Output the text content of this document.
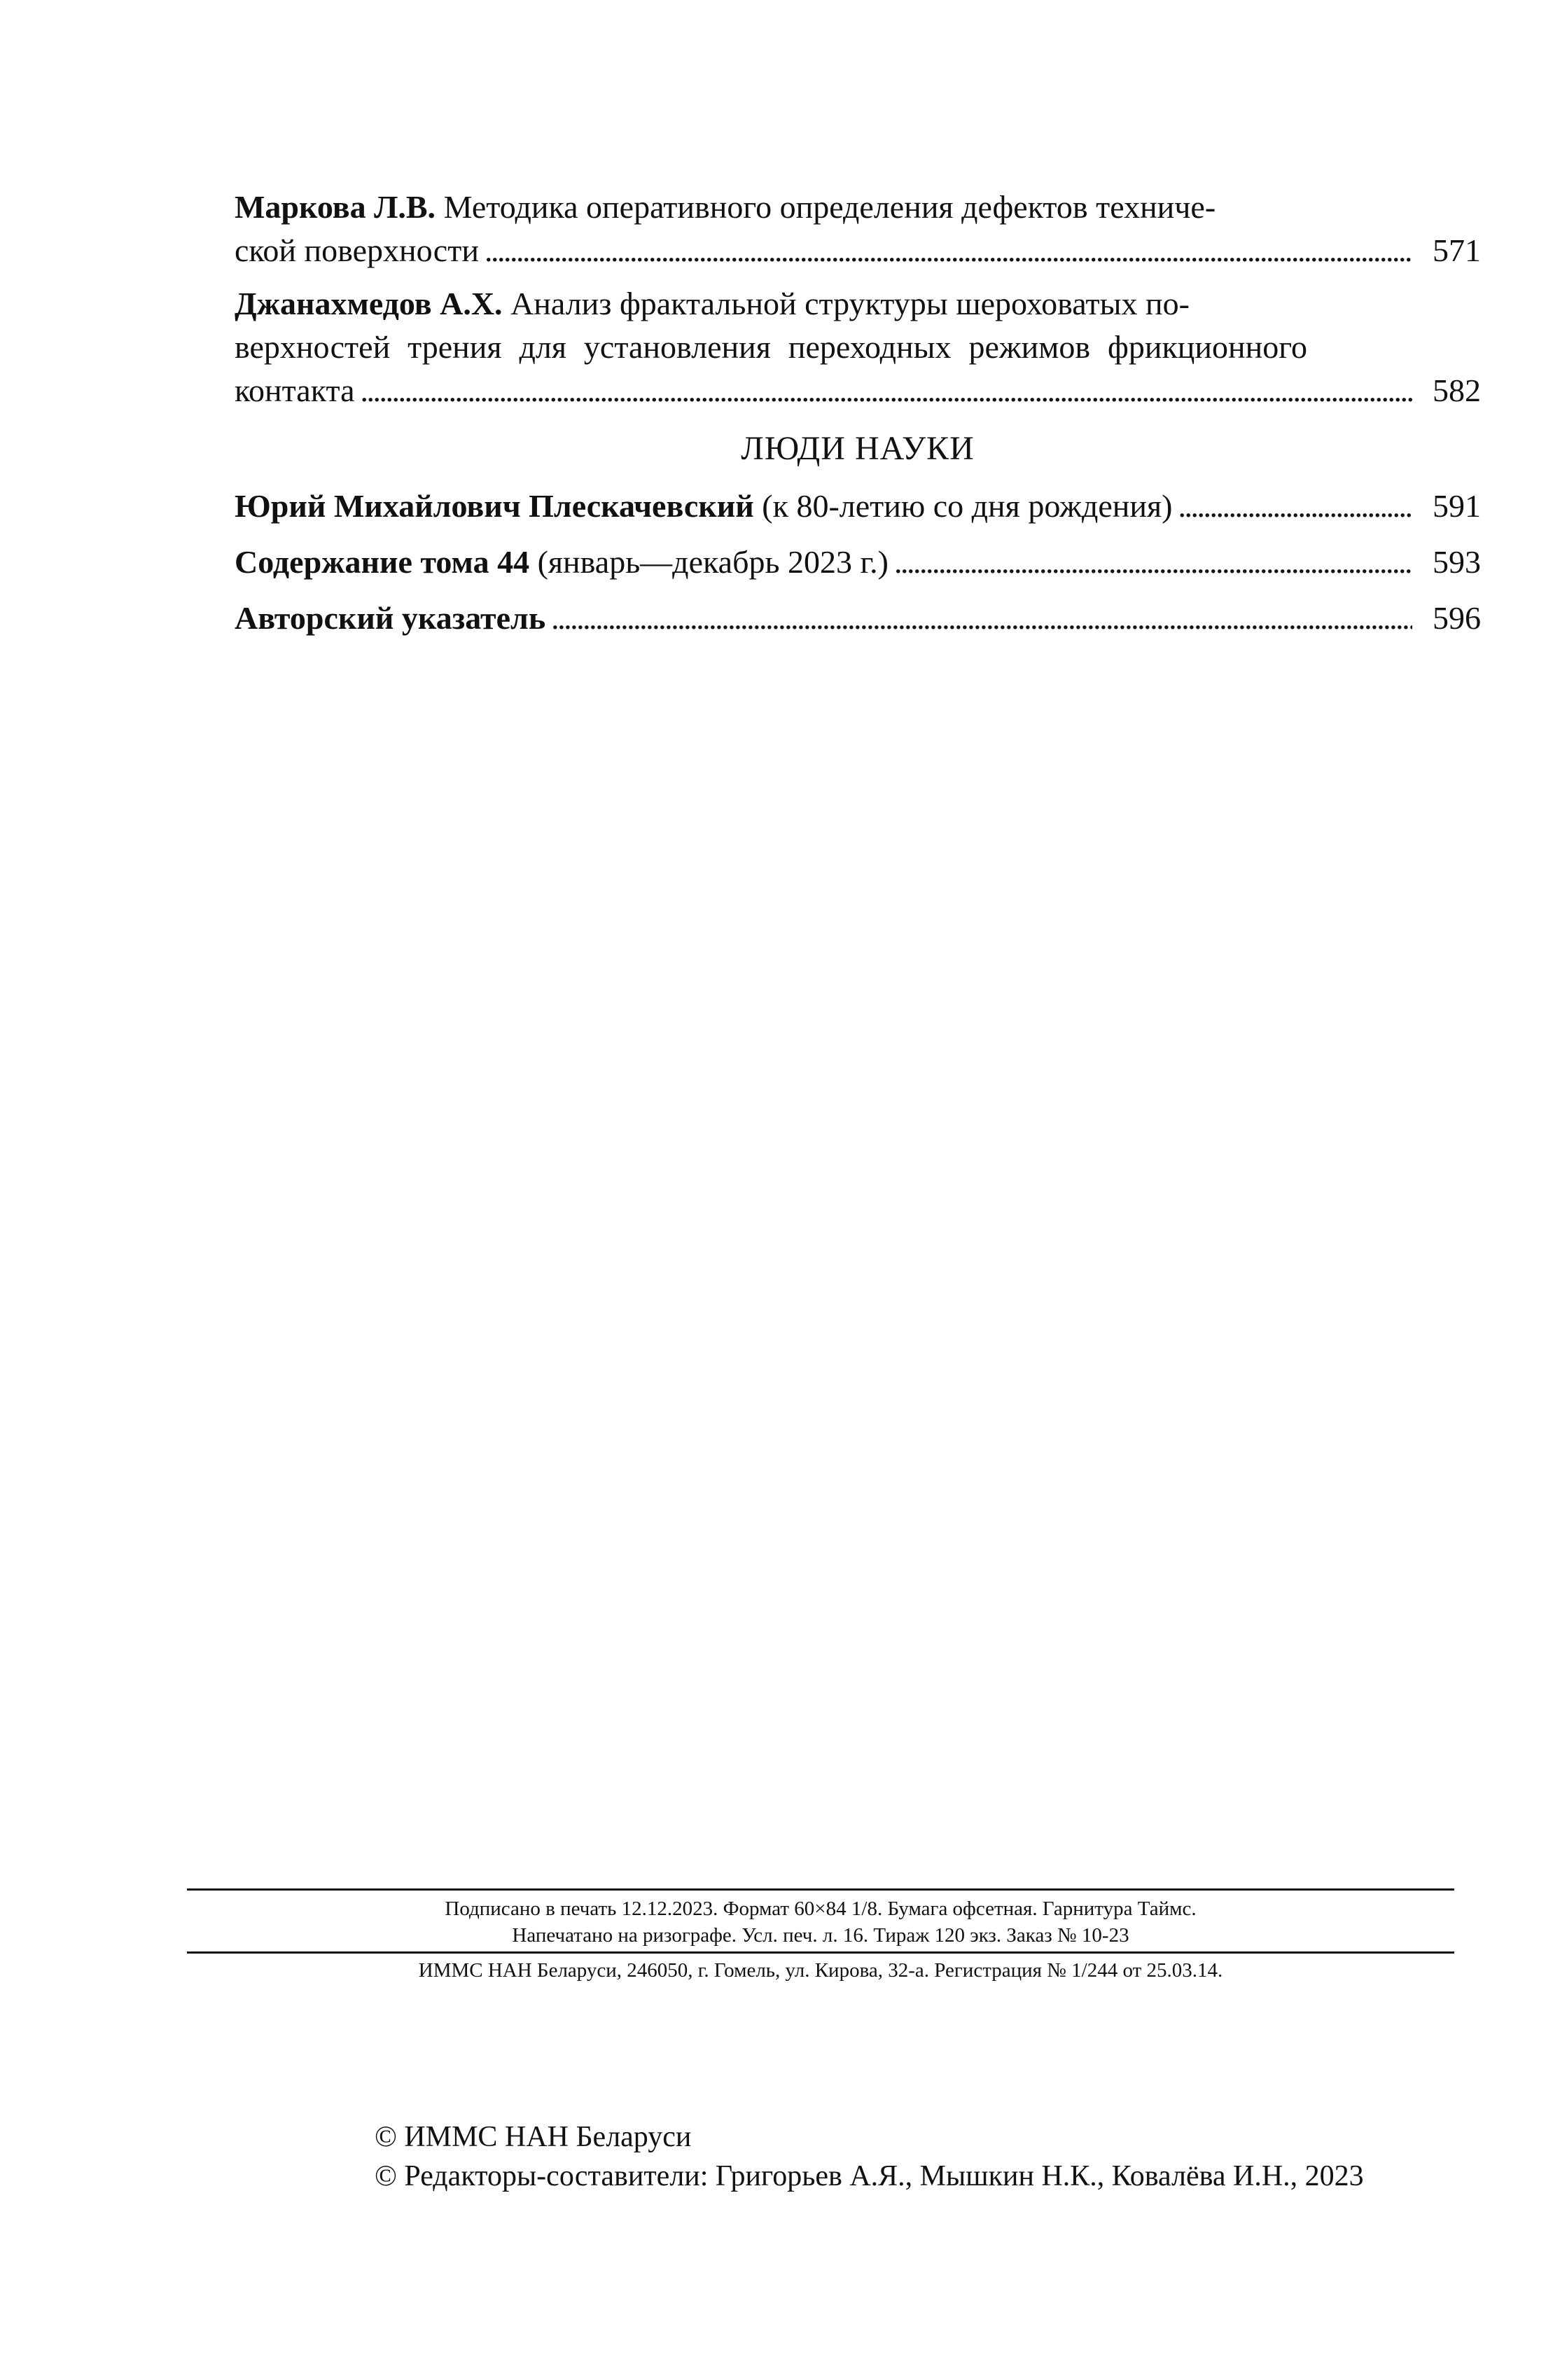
Маркова Л.В. Методика оперативного определения дефектов техниче-
ской поверхности . . .	571
Джанахмедов А.Х. Анализ фрактальной структуры шероховатых по-
верхностей трения для установления переходных режимов фрикционного
контакта . . .	582
ЛЮДИ НАУКИ
Юрий Михайлович Плескачевский (к 80-летию со дня рождения) . . .	591
Содержание тома 44 (январь—декабрь 2023 г.) . . .	593
Авторский указатель . . .	596
Подписано в печать 12.12.2023. Формат 60×84 1/8. Бумага офсетная. Гарнитура Таймс.
Напечатано на ризографе. Усл. печ. л. 16. Тираж 120 экз. Заказ № 10-23
ИММС НАН Беларуси, 246050, г. Гомель, ул. Кирова, 32-а. Регистрация № 1/244 от 25.03.14.
© ИММС НАН Беларуси
© Редакторы-составители: Григорьев А.Я., Мышкин Н.К., Ковалёва И.Н., 2023
